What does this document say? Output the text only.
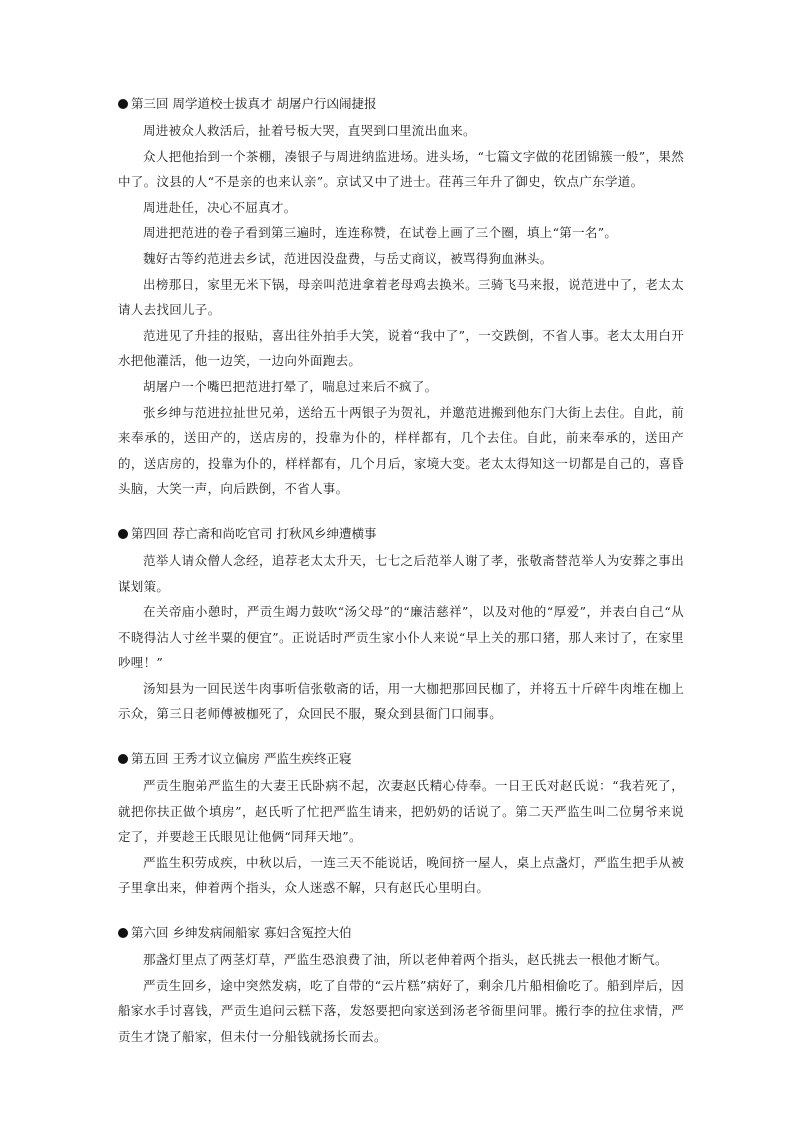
第三回 周学道校士拔真才 胡屠户行凶闹捷报

周进被众人救活后，扯着号板大哭，直哭到口里流出血来。

众人把他抬到一个茶棚，凑银子与周进纳监进场。进头场，“七篇文字做的花团锦簇一般”，果然中了。汶县的人“不是亲的也来认亲”。京试又中了进士。荏苒三年升了御史，钦点广东学道。

周进赴任，决心不屈真才。

周进把范进的卷子看到第三遍时，连连称赞，在试卷上画了三个圈，填上“第一名”。

魏好古等约范进去乡试，范进因没盘费，与岳丈商议，被骂得狗血淋头。

出榜那日，家里无米下锅，母亲叫范进拿着老母鸡去换米。三骑飞马来报，说范进中了，老太太请人去找回儿子。

范进见了升挂的报贴，喜出往外拍手大笑，说着“我中了”，一交跌倒，不省人事。老太太用白开水把他灌活，他一边笑，一边向外面跑去。

胡屠户一个嘴巴把范进打晕了，喘息过来后不疯了。

张乡绅与范进拉扯世兄弟，送给五十两银子为贺礼，并邀范进搬到他东门大街上去住。自此，前来奉承的，送田产的，送店房的，投靠为仆的，样样都有，几个去住。自此，前来奉承的，送田产的，送店房的，投靠为仆的，样样都有，几个月后，家境大变。老太太得知这一切都是自己的，喜昏头脑，大笑一声，向后跌倒，不省人事。

第四回 荐亡斋和尚吃官司 打秋风乡绅遭横事

范举人请众僧人念经，追荐老太太升天，七七之后范举人谢了孝，张敬斋替范举人为安葬之事出谋划策。

在关帝庙小憩时，严贡生竭力鼓吹“汤父母”的“廉洁慈祥”，以及对他的“厚爱”，并表白自己“从不晓得沾人寸丝半粟的便宜”。正说话时严贡生家小仆人来说“早上关的那口猪，那人来讨了，在家里吵哩！”

汤知县为一回民送牛肉事听信张敬斋的话，用一大枷把那回民枷了，并将五十斤碎牛肉堆在枷上示众，第三日老师傅被枷死了，众回民不服，聚众到县衙门口闹事。

第五回 王秀才议立偏房 严监生疾终正寝

严贡生胞弟严监生的大妻王氏卧病不起，次妻赵氏精心侍奉。一日王氏对赵氏说：“我若死了，就把你扶正做个填房”，赵氏听了忙把严监生请来，把奶奶的话说了。第二天严监生叫二位舅爷来说定了，并要趁王氏眼见让他俩“同拜天地”。

严监生积劳成疾，中秋以后，一连三天不能说话，晚间挤一屋人，桌上点盏灯，严监生把手从被子里拿出来，伸着两个指头，众人迷惑不解，只有赵氏心里明白。

第六回 乡绅发病闹船家 寡妇含冤控大伯

那盏灯里点了两茎灯草，严监生恐浪费了油，所以老伸着两个指头，赵氏挑去一根他才断气。

严贡生回乡，途中突然发病，吃了自带的“云片糕”病好了，剩余几片船相偷吃了。船到岸后，因船家水手讨喜钱，严贡生追问云糕下落，发怒要把向家送到汤老爷衙里问罪。搬行李的拉住求情，严贡生才饶了船家，但未付一分船钱就扬长而去。
